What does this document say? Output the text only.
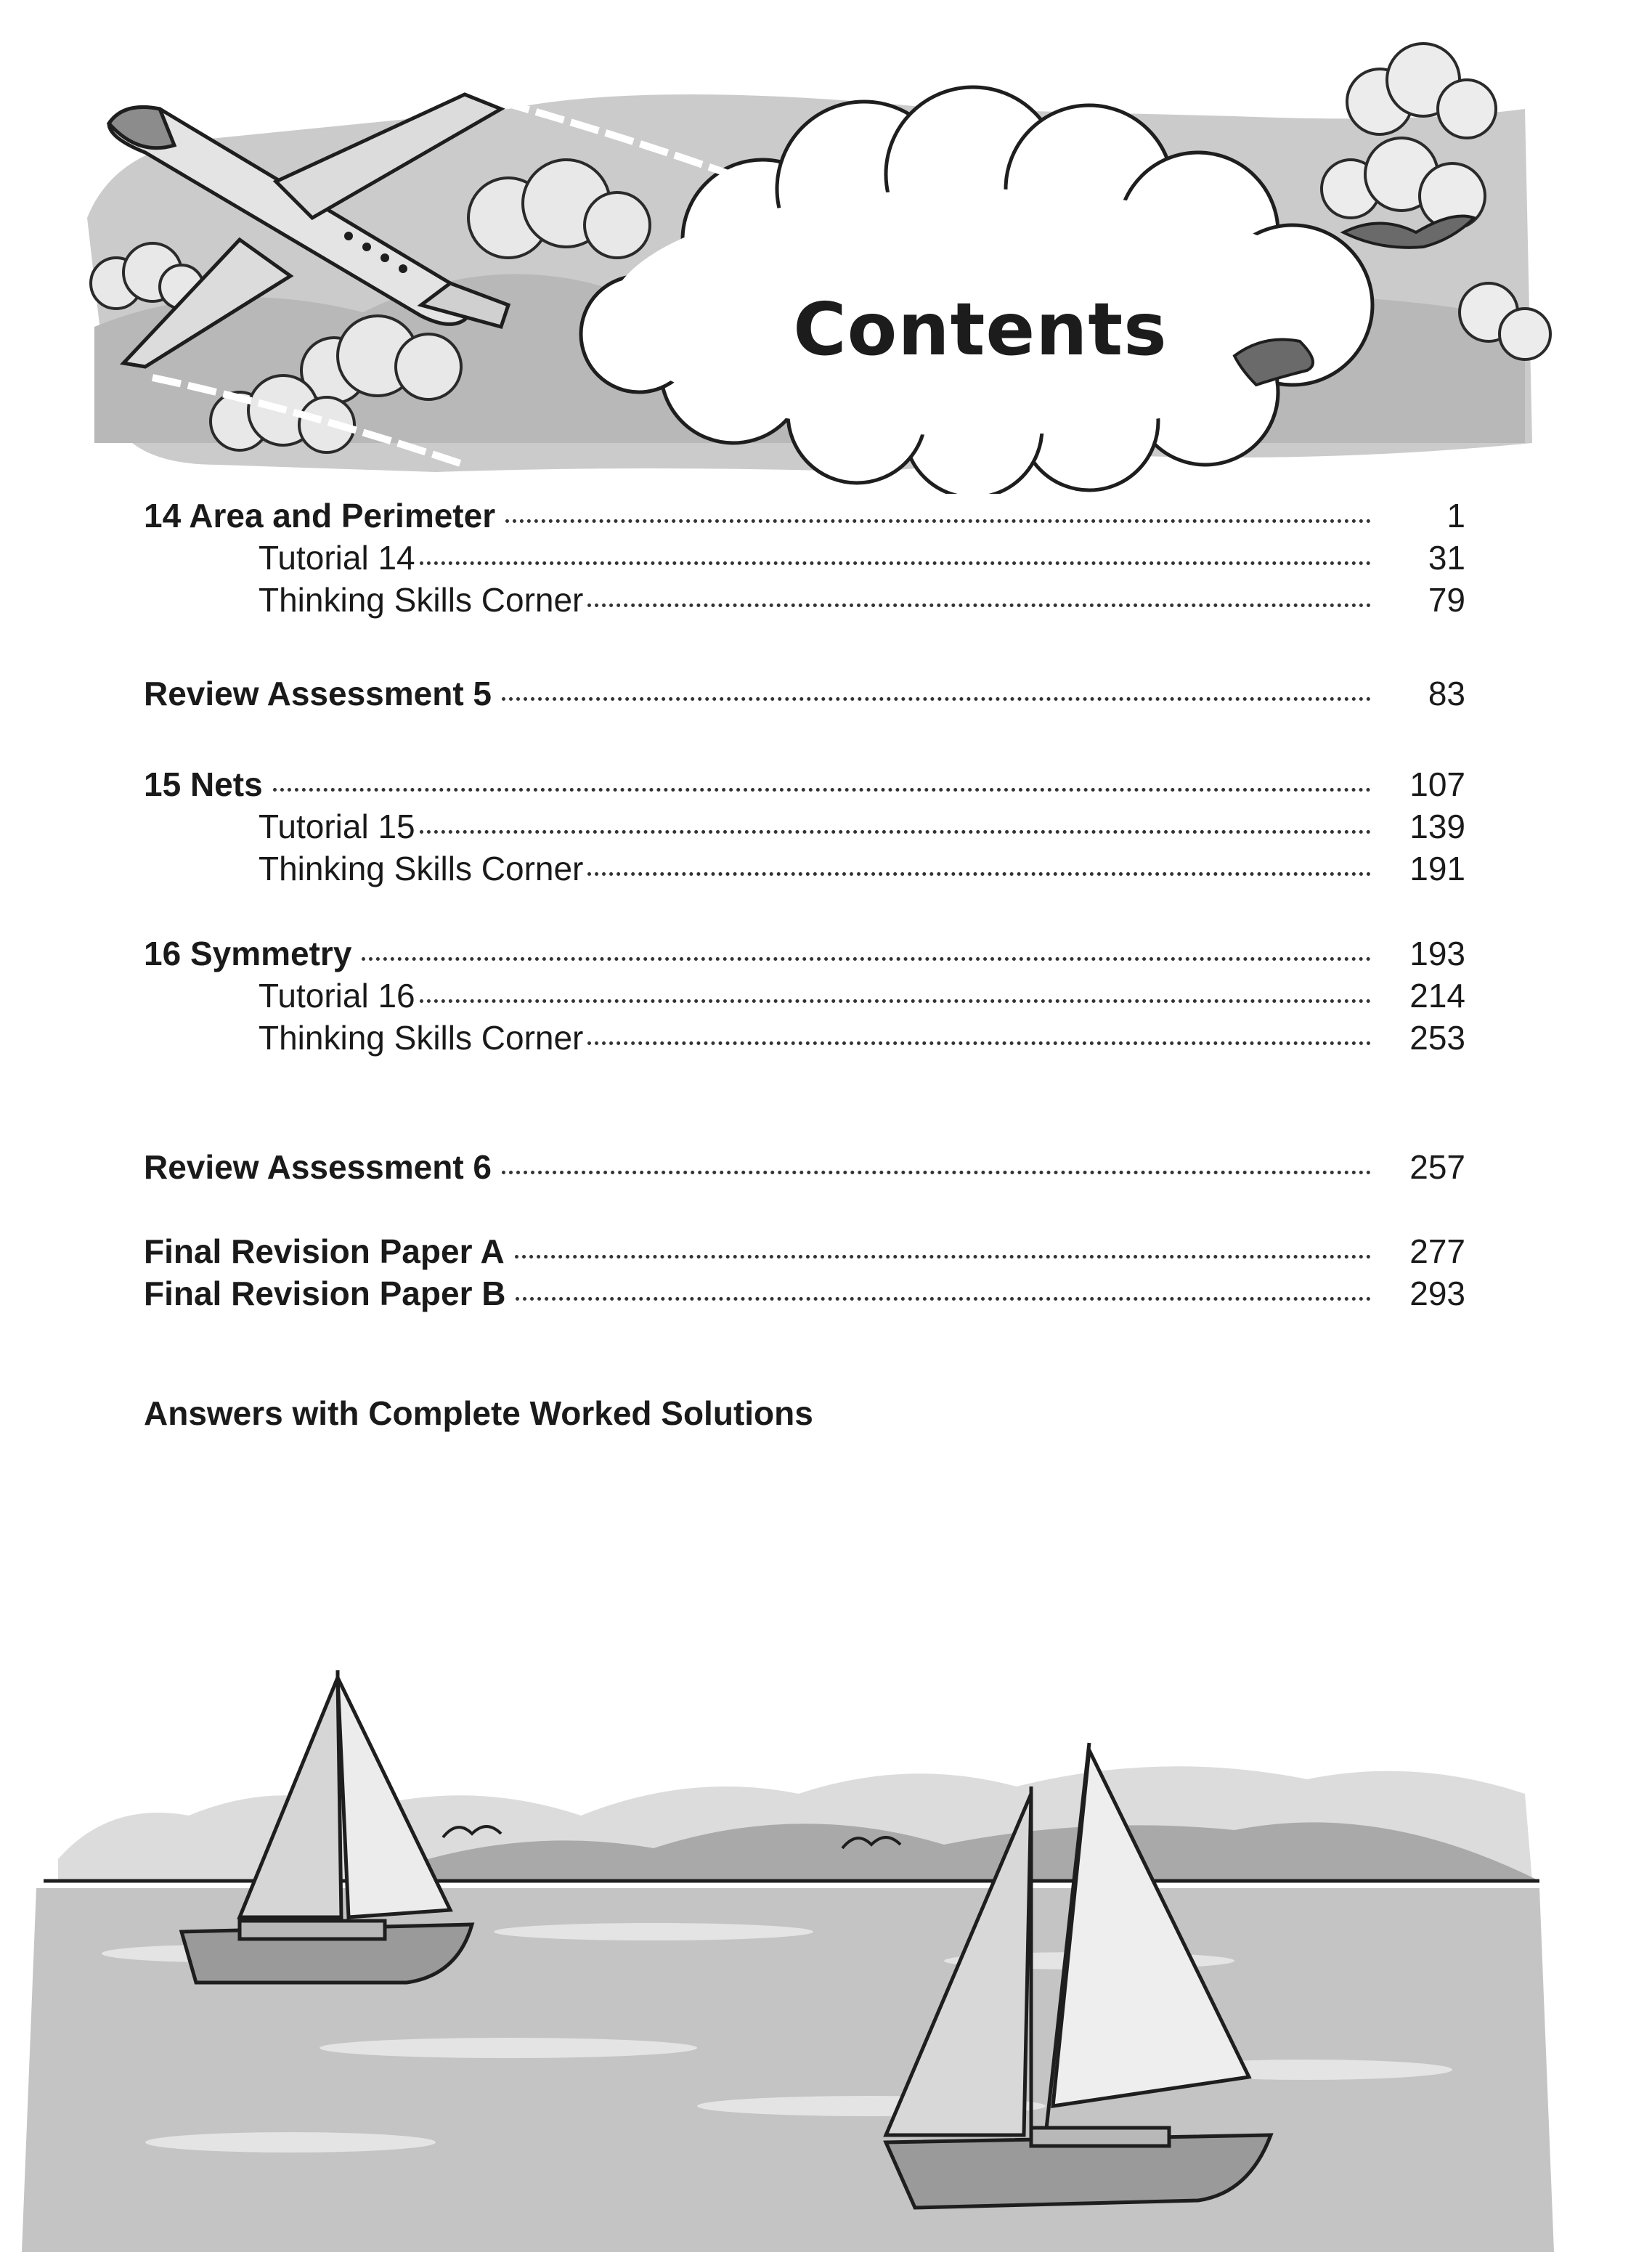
Contents
14 Area and Perimeter	1
Tutorial 14	31
Thinking Skills Corner	79
Review Assessment 5	83
15 Nets	107
Tutorial 15	139
Thinking Skills Corner	191
16 Symmetry	193
Tutorial 16	214
Thinking Skills Corner	253
Review Assessment 6	257
Final Revision Paper A	277
Final Revision Paper B	293
Answers with Complete Worked Solutions
